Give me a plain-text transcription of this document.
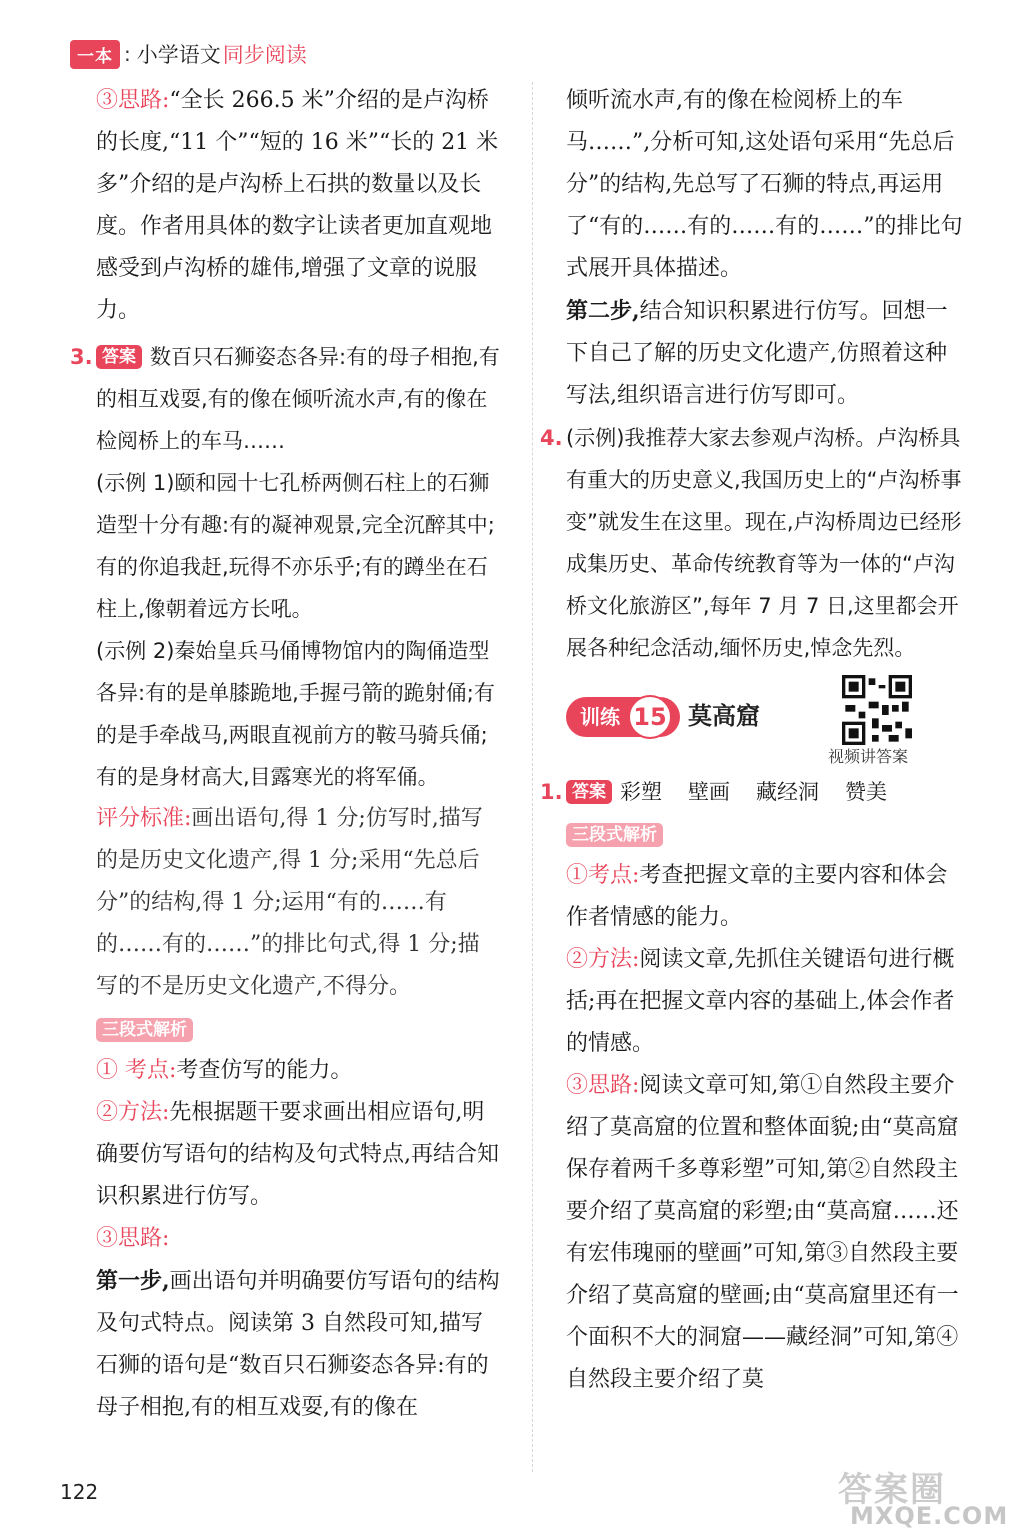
一本 : 小学语文 同步阅读

③思路:“全长 266.5 米”介绍的是卢沟桥的长度,“11 个”“短的 16 米”“长的 21 米多”介绍的是卢沟桥上石拱的数量以及长度。作者用具体的数字让读者更加直观地感受到卢沟桥的雄伟,增强了文章的说服力。

3. 答案 数百只石狮姿态各异:有的母子相抱,有的相互戏耍,有的像在倾听流水声,有的像在检阅桥上的车马……

(示例 1)颐和园十七孔桥两侧石柱上的石狮造型十分有趣:有的凝神观景,完全沉醉其中;有的你追我赶,玩得不亦乐乎;有的蹲坐在石柱上,像朝着远方长吼。

(示例 2)秦始皇兵马俑博物馆内的陶俑造型各异:有的是单膝跪地,手握弓箭的跪射俑;有的是手牵战马,两眼直视前方的鞍马骑兵俑;有的是身材高大,目露寒光的将军俑。

评分标准:画出语句,得 1 分;仿写时,描写的是历史文化遗产,得 1 分;采用“先总后分”的结构,得 1 分;运用“有的……有的……有的……”的排比句式,得 1 分;描写的不是历史文化遗产,不得分。

三段式解析

① 考点:考查仿写的能力。

②方法:先根据题干要求画出相应语句,明确要仿写语句的结构及句式特点,再结合知识积累进行仿写。

③思路:

第一步,画出语句并明确要仿写语句的结构及句式特点。阅读第 3 自然段可知,描写石狮的语句是“数百只石狮姿态各异:有的母子相抱,有的相互戏耍,有的像在

倾听流水声,有的像在检阅桥上的车马……”,分析可知,这处语句采用“先总后分”的结构,先总写了石狮的特点,再运用了“有的……有的……有的……”的排比句式展开具体描述。

第二步,结合知识积累进行仿写。回想一下自己了解的历史文化遗产,仿照着这种写法,组织语言进行仿写即可。

4. (示例)我推荐大家去参观卢沟桥。卢沟桥具有重大的历史意义,我国历史上的“卢沟桥事变”就发生在这里。现在,卢沟桥周边已经形成集历史、革命传统教育等为一体的“卢沟桥文化旅游区”,每年 7 月 7 日,这里都会开展各种纪念活动,缅怀历史,悼念先烈。

训练 15 莫高窟
视频讲答案
1. 答案 彩塑 壁画 藏经洞 赞美

三段式解析

①考点:考查把握文章的主要内容和体会作者情感的能力。

②方法:阅读文章,先抓住关键语句进行概括;再在把握文章内容的基础上,体会作者的情感。

③思路:阅读文章可知,第①自然段主要介绍了莫高窟的位置和整体面貌;由“莫高窟保存着两千多尊彩塑”可知,第②自然段主要介绍了莫高窟的彩塑;由“莫高窟……还有宏伟瑰丽的壁画”可知,第③自然段主要介绍了莫高窟的壁画;由“莫高窟里还有一个面积不大的洞窟——藏经洞”可知,第④自然段主要介绍了莫

122	答案圈
MXQE.COM
